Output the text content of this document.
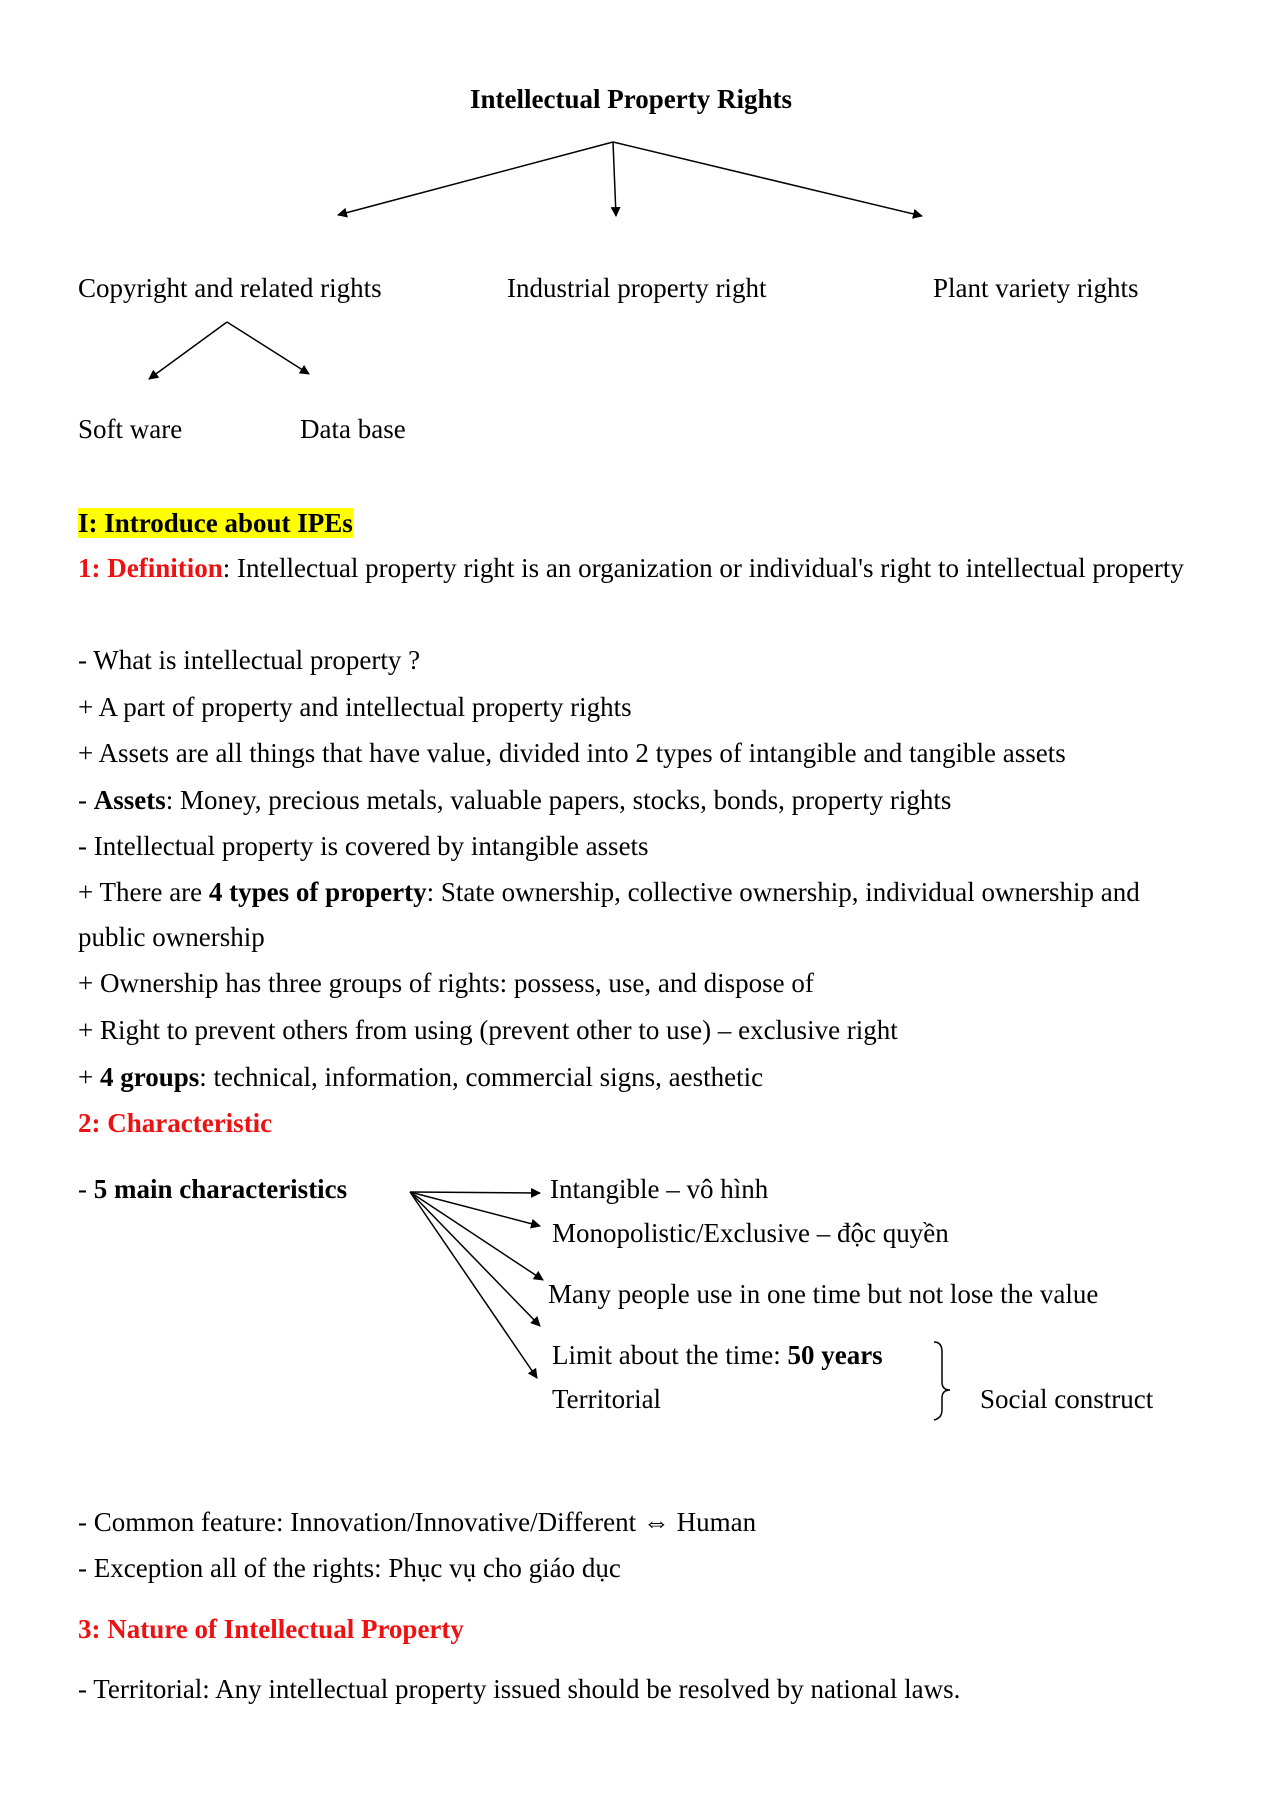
Intellectual Property Rights
Copyright and related rights	Industrial property right	Plant variety rights
Soft ware	Data base
I: Introduce about IPEs
1: Definition: Intellectual property right is an organization or individual's right to intellectual property
- What is intellectual property ?
+ A part of property and intellectual property rights
+ Assets are all things that have value, divided into 2 types of intangible and tangible assets
- Assets: Money, precious metals, valuable papers, stocks, bonds, property rights
- Intellectual property is covered by intangible assets
+ There are 4 types of property: State ownership, collective ownership, individual ownership and public ownership
+ Ownership has three groups of rights: possess, use, and dispose of
+ Right to prevent others from using (prevent other to use) – exclusive right
+ 4 groups: technical, information, commercial signs, aesthetic
2: Characteristic
- 5 main characteristics	Intangible – vô hình
Monopolistic/Exclusive – độc quyền
Many people use in one time but not lose the value
Limit about the time: 50 years
Territorial	Social construct
- Common feature: Innovation/Innovative/Different ⇔ Human
- Exception all of the rights: Phục vụ cho giáo dục
3: Nature of Intellectual Property
- Territorial: Any intellectual property issued should be resolved by national laws.
